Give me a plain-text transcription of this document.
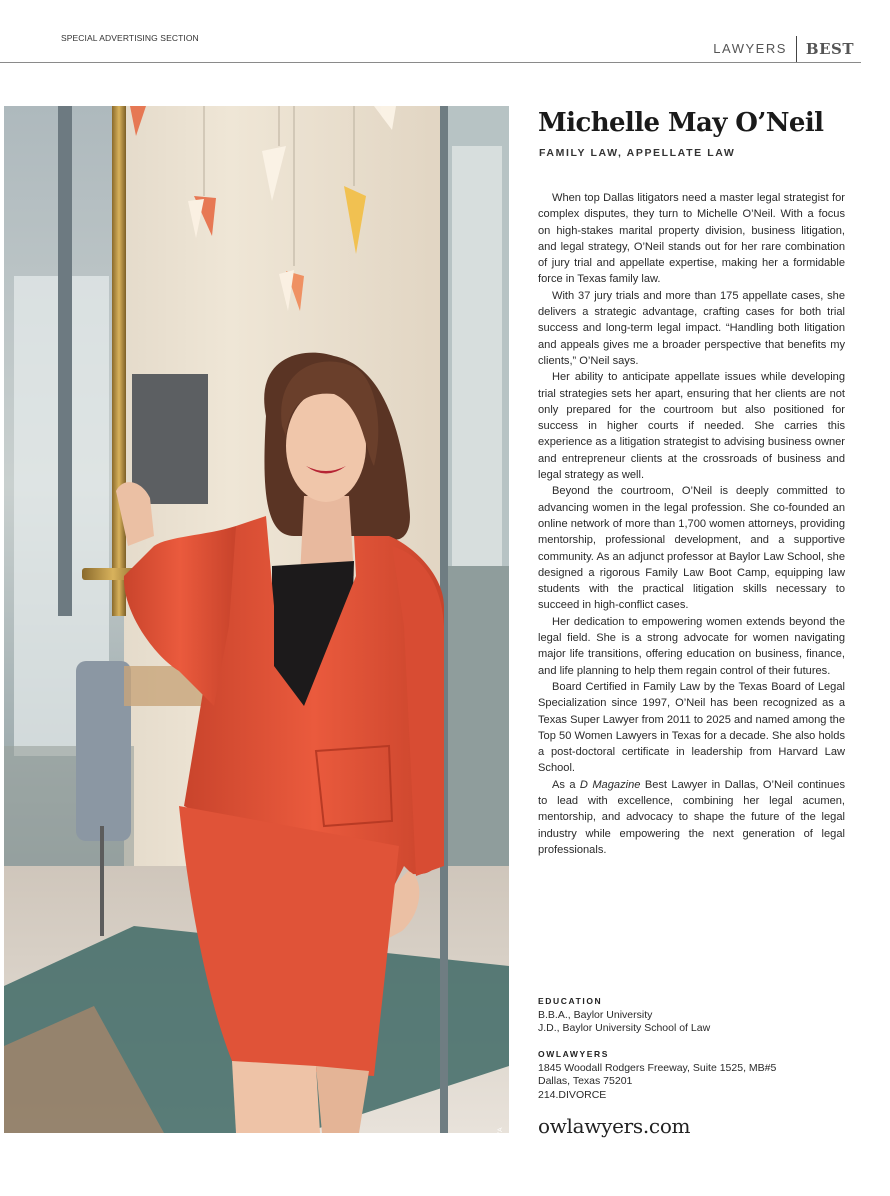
SPECIAL ADVERTISING SECTION
LAWYERS	BEST
VANESSA GAVALYA
Michelle May O’Neil
FAMILY LAW, APPELLATE LAW

When top Dallas litigators need a master legal strategist for complex disputes, they turn to Michelle O’Neil. With a focus on high-stakes marital property division, business litigation, and legal strategy, O’Neil stands out for her rare combination of jury trial and appellate expertise, making her a formidable force in Texas family law.

With 37 jury trials and more than 175 appellate cases, she delivers a strategic advantage, crafting cases for both trial success and long-term legal impact. “Handling both litigation and appeals gives me a broader perspective that benefits my clients,” O’Neil says.

Her ability to anticipate appellate issues while developing trial strategies sets her apart, ensuring that her clients are not only prepared for the courtroom but also positioned for success in higher courts if needed. She carries this experience as a litigation strategist to advising business owner and entrepreneur clients at the crossroads of business and legal strategy as well.

Beyond the courtroom, O’Neil is deeply committed to advancing women in the legal profession. She co-founded an online network of more than 1,700 women attorneys, providing mentorship, professional development, and a supportive community. As an adjunct professor at Baylor Law School, she designed a rigorous Family Law Boot Camp, equipping law students with the practical litigation skills necessary to succeed in high-conflict cases.

Her dedication to empowering women extends beyond the legal field. She is a strong advocate for women navigating major life transitions, offering education on business, finance, and life planning to help them regain control of their futures.

Board Certified in Family Law by the Texas Board of Legal Specialization since 1997, O’Neil has been recognized as a Texas Super Lawyer from 2011 to 2025 and named among the Top 50 Women Lawyers in Texas for a decade. She also holds a post-doctoral certificate in leadership from Harvard Law School.

As a D Magazine Best Lawyer in Dallas, O’Neil continues to lead with excellence, combining her legal acumen, mentorship, and advocacy to shape the future of the legal industry while empowering the next generation of legal professionals.

EDUCATION
B.B.A., Baylor University
J.D., Baylor University School of Law
OWLAWYERS
1845 Woodall Rodgers Freeway, Suite 1525, MB#5
Dallas, Texas 75201
214.DIVORCE
owlawyers.com
